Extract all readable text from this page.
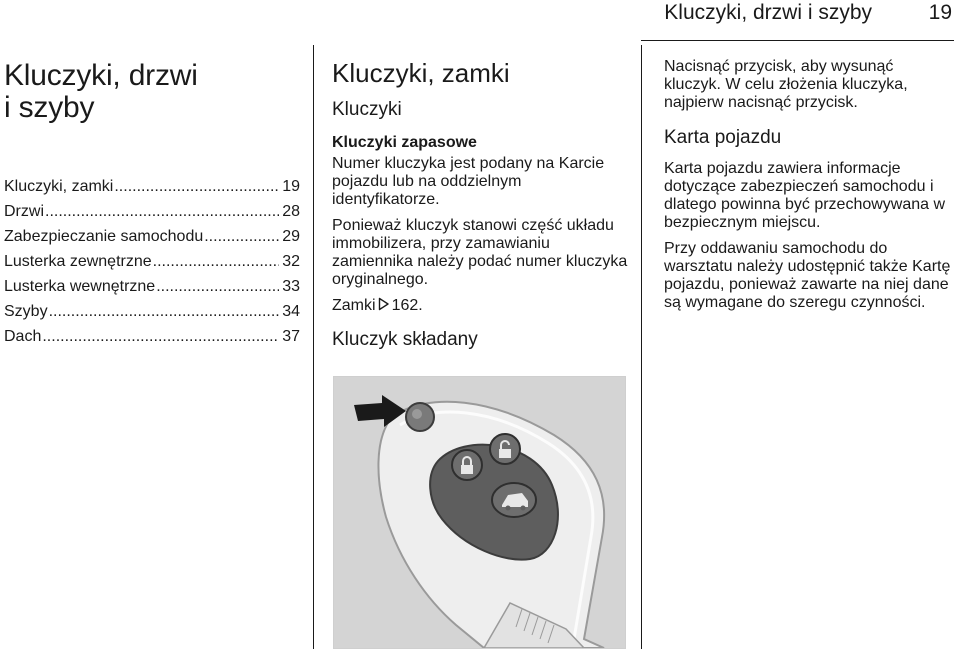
Kluczyki, drzwi i szyby	19
Kluczyki, drzwi
i szyby
Kluczyki, zamki .....	19
Drzwi .....	28
Zabezpieczanie samochodu .....	29
Lusterka zewnętrzne .....	32
Lusterka wewnętrzne .....	33
Szyby .....	34
Dach .....	37
Kluczyki, zamki
Kluczyki
Kluczyki zapasowe

Numer kluczyka jest podany na Karcie pojazdu lub na oddzielnym identyfikatorze.

Ponieważ kluczyk stanowi część układu immobilizera, przy zamawianiu zamiennika należy podać numer kluczyka oryginalnego.

Zamki 162.

Kluczyk składany

Nacisnąć przycisk, aby wysunąć kluczyk. W celu złożenia kluczyka, najpierw nacisnąć przycisk.

Karta pojazdu

Karta pojazdu zawiera informacje dotyczące zabezpieczeń samochodu i dlatego powinna być przechowywana w bezpiecznym miejscu.

Przy oddawaniu samochodu do warsztatu należy udostępnić także Kartę pojazdu, ponieważ zawarte na niej dane są wymagane do szeregu czynności.
